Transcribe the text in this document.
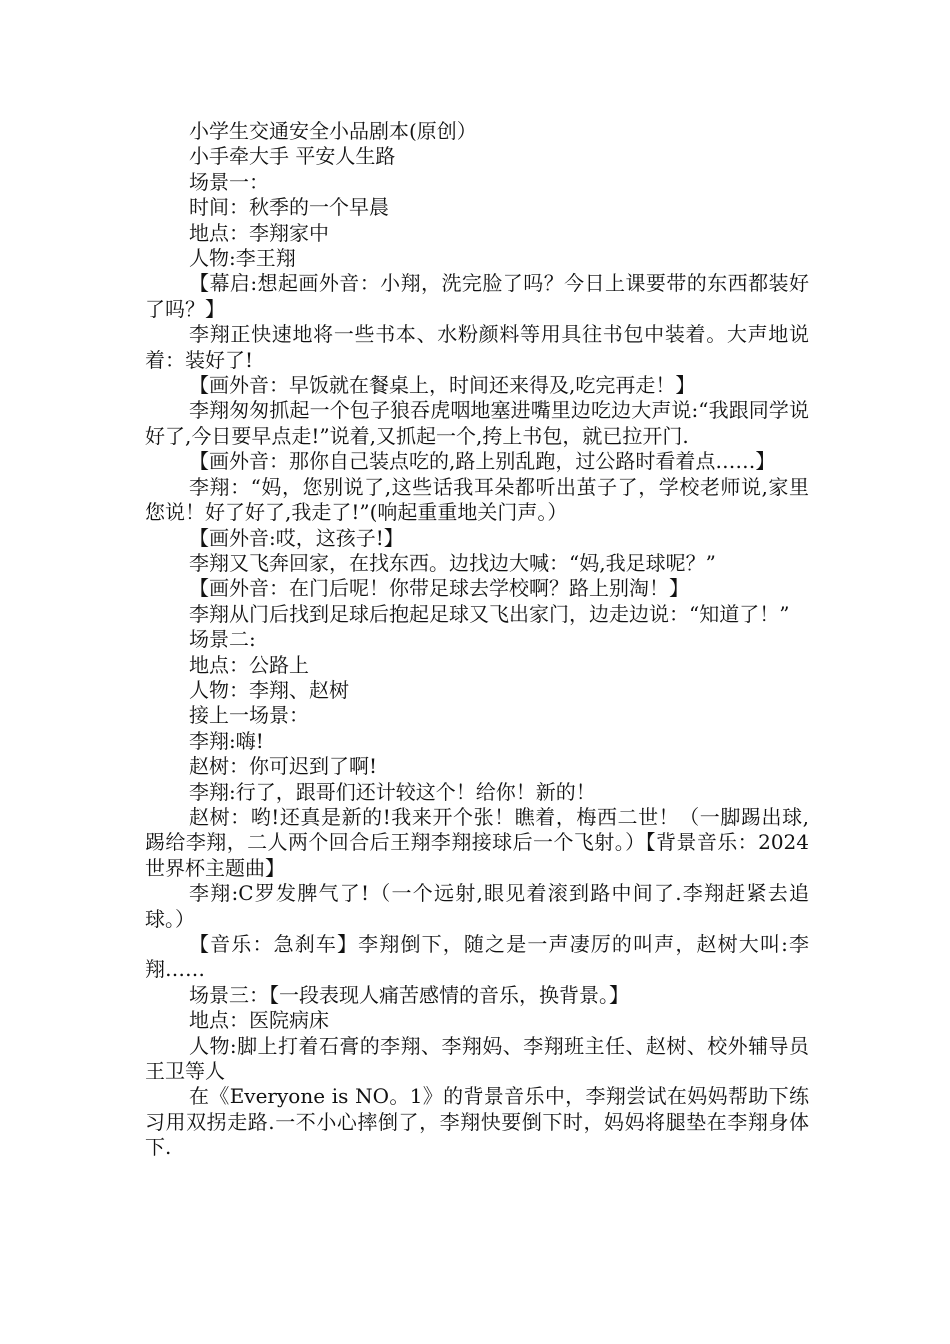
小学生交通安全小品剧本(原创）

小手牵大手 平安人生路

场景一：

时间：秋季的一个早晨

地点：李翔家中

人物:李王翔

【幕启:想起画外音：小翔，洗完脸了吗？今日上课要带的东西都装好了吗？】

李翔正快速地将一些书本、水粉颜料等用具往书包中装着。大声地说着：装好了!

【画外音：早饭就在餐桌上，时间还来得及,吃完再走！】

李翔匆匆抓起一个包子狼吞虎咽地塞进嘴里边吃边大声说:“我跟同学说好了,今日要早点走!”说着,又抓起一个,挎上书包，就已拉开门.

【画外音：那你自己装点吃的,路上别乱跑，过公路时看着点……】

李翔：“妈，您别说了,这些话我耳朵都听出茧子了，学校老师说,家里您说！好了好了,我走了!”(响起重重地关门声。）

【画外音:哎，这孩子!】

李翔又飞奔回家，在找东西。边找边大喊：“妈,我足球呢？”

【画外音：在门后呢！你带足球去学校啊？路上别淘！】

李翔从门后找到足球后抱起足球又飞出家门，边走边说：“知道了！”

场景二:

地点：公路上

人物：李翔、赵树

接上一场景：

李翔:嗨!

赵树：你可迟到了啊!

李翔:行了，跟哥们还计较这个！给你！新的！

赵树：哟!还真是新的!我来开个张！瞧着，梅西二世！（一脚踢出球,踢给李翔，二人两个回合后王翔李翔接球后一个飞射。）【背景音乐：2024世界杯主题曲】

李翔:C罗发脾气了!（一个远射,眼见着滚到路中间了.李翔赶紧去追球。）

【音乐：急刹车】李翔倒下，随之是一声凄厉的叫声，赵树大叫:李翔……

场景三：【一段表现人痛苦感情的音乐，换背景。】

地点：医院病床

人物:脚上打着石膏的李翔、李翔妈、李翔班主任、赵树、校外辅导员王卫等人

在《Everyone is NO。1》的背景音乐中，李翔尝试在妈妈帮助下练习用双拐走路.一不小心摔倒了，李翔快要倒下时，妈妈将腿垫在李翔身体下.
